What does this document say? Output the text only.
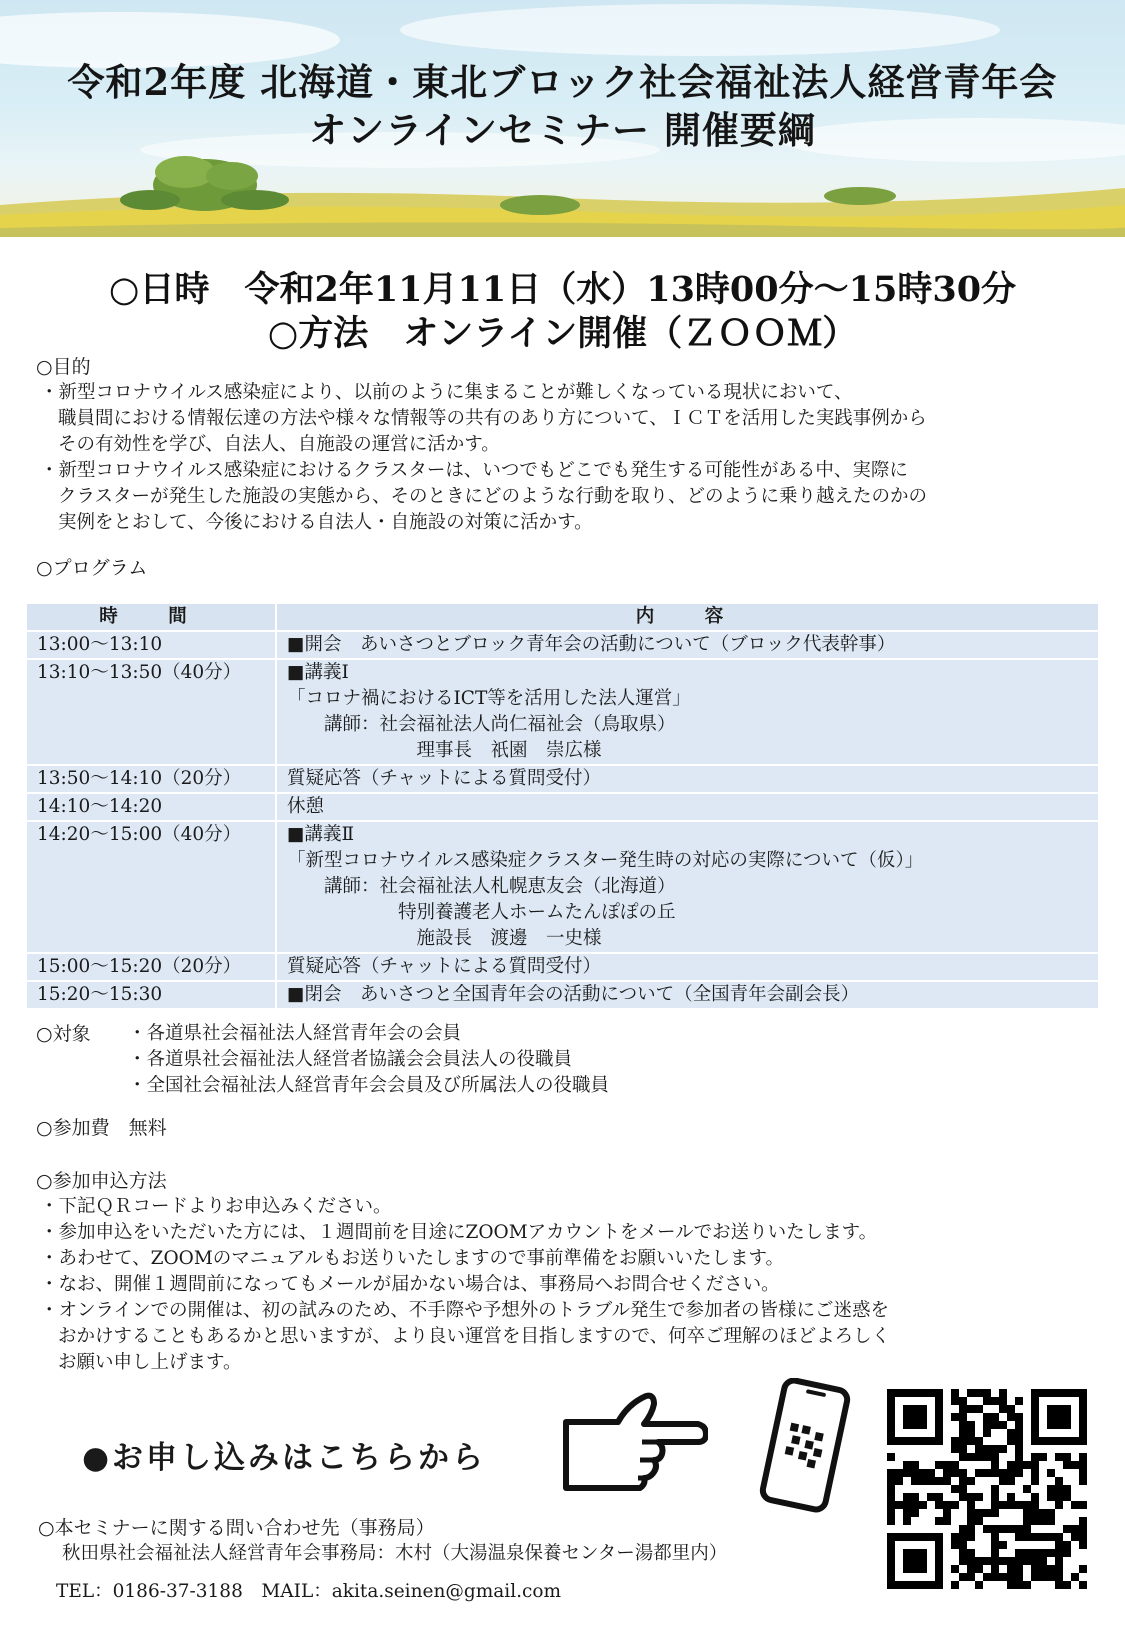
令和2年度 北海道・東北ブロック社会福祉法人経営青年会
オンラインセミナー 開催要綱
○日時　令和2年11月11日（水）13時00分～15時30分
○方法　オンライン開催（ＺＯＯＭ）
○目的
・新型コロナウイルス感染症により、以前のように集まることが難しくなっている現状において、
職員間における情報伝達の方法や様々な情報等の共有のあり方について、ＩＣＴを活用した実践事例から
その有効性を学び、自法人、自施設の運営に活かす。
・新型コロナウイルス感染症におけるクラスターは、いつでもどこでも発生する可能性がある中、実際に
クラスターが発生した施設の実態から、そのときにどのような行動を取り、どのように乗り越えたのかの
実例をとおして、今後における自法人・自施設の対策に活かす。
○プログラム
時　間	内　容
13:00～13:10	■開会　あいさつとブロック青年会の活動について（ブロック代表幹事）

13:10～13:50（40分）	■講義Ⅰ
「コロナ禍におけるICT等を活用した法人運営」
　　講師：社会福祉法人尚仁福祉会（鳥取県）
　　　　　　　理事長　祇園　崇広様

13:50～14:10（20分）	質疑応答（チャットによる質問受付）

14:10～14:20	休憩

14:20～15:00（40分）	■講義Ⅱ
「新型コロナウイルス感染症クラスター発生時の対応の実際について（仮）」
　　講師：社会福祉法人札幌恵友会（北海道）
　　　　　　特別養護老人ホームたんぽぽの丘
　　　　　　　施設長　渡邊　一史様

15:00～15:20（20分）	質疑応答（チャットによる質問受付）

15:20～15:30	■閉会　あいさつと全国青年会の活動について（全国青年会副会長）
○対象 ・各道県社会福祉法人経営青年会の会員
・各道県社会福祉法人経営者協議会会員法人の役職員
・全国社会福祉法人経営青年会会員及び所属法人の役職員
○参加費　無料
○参加申込方法
・下記ＱＲコードよりお申込みください。
・参加申込をいただいた方には、１週間前を目途にZOOMアカウントをメールでお送りいたします。
・あわせて、ZOOMのマニュアルもお送りいたしますので事前準備をお願いいたします。
・なお、開催１週間前になってもメールが届かない場合は、事務局へお問合せください。
・オンラインでの開催は、初の試みのため、不手際や予想外のトラブル発生で参加者の皆様にご迷惑を
おかけすることもあるかと思いますが、より良い運営を目指しますので、何卒ご理解のほどよろしく
お願い申し上げます。
●お申し込みはこちらから
○本セミナーに関する問い合わせ先（事務局）
秋田県社会福祉法人経営青年会事務局：木村（大湯温泉保養センター湯都里内）
TEL：0186-37-3188　MAIL：akita.seinen@gmail.com
